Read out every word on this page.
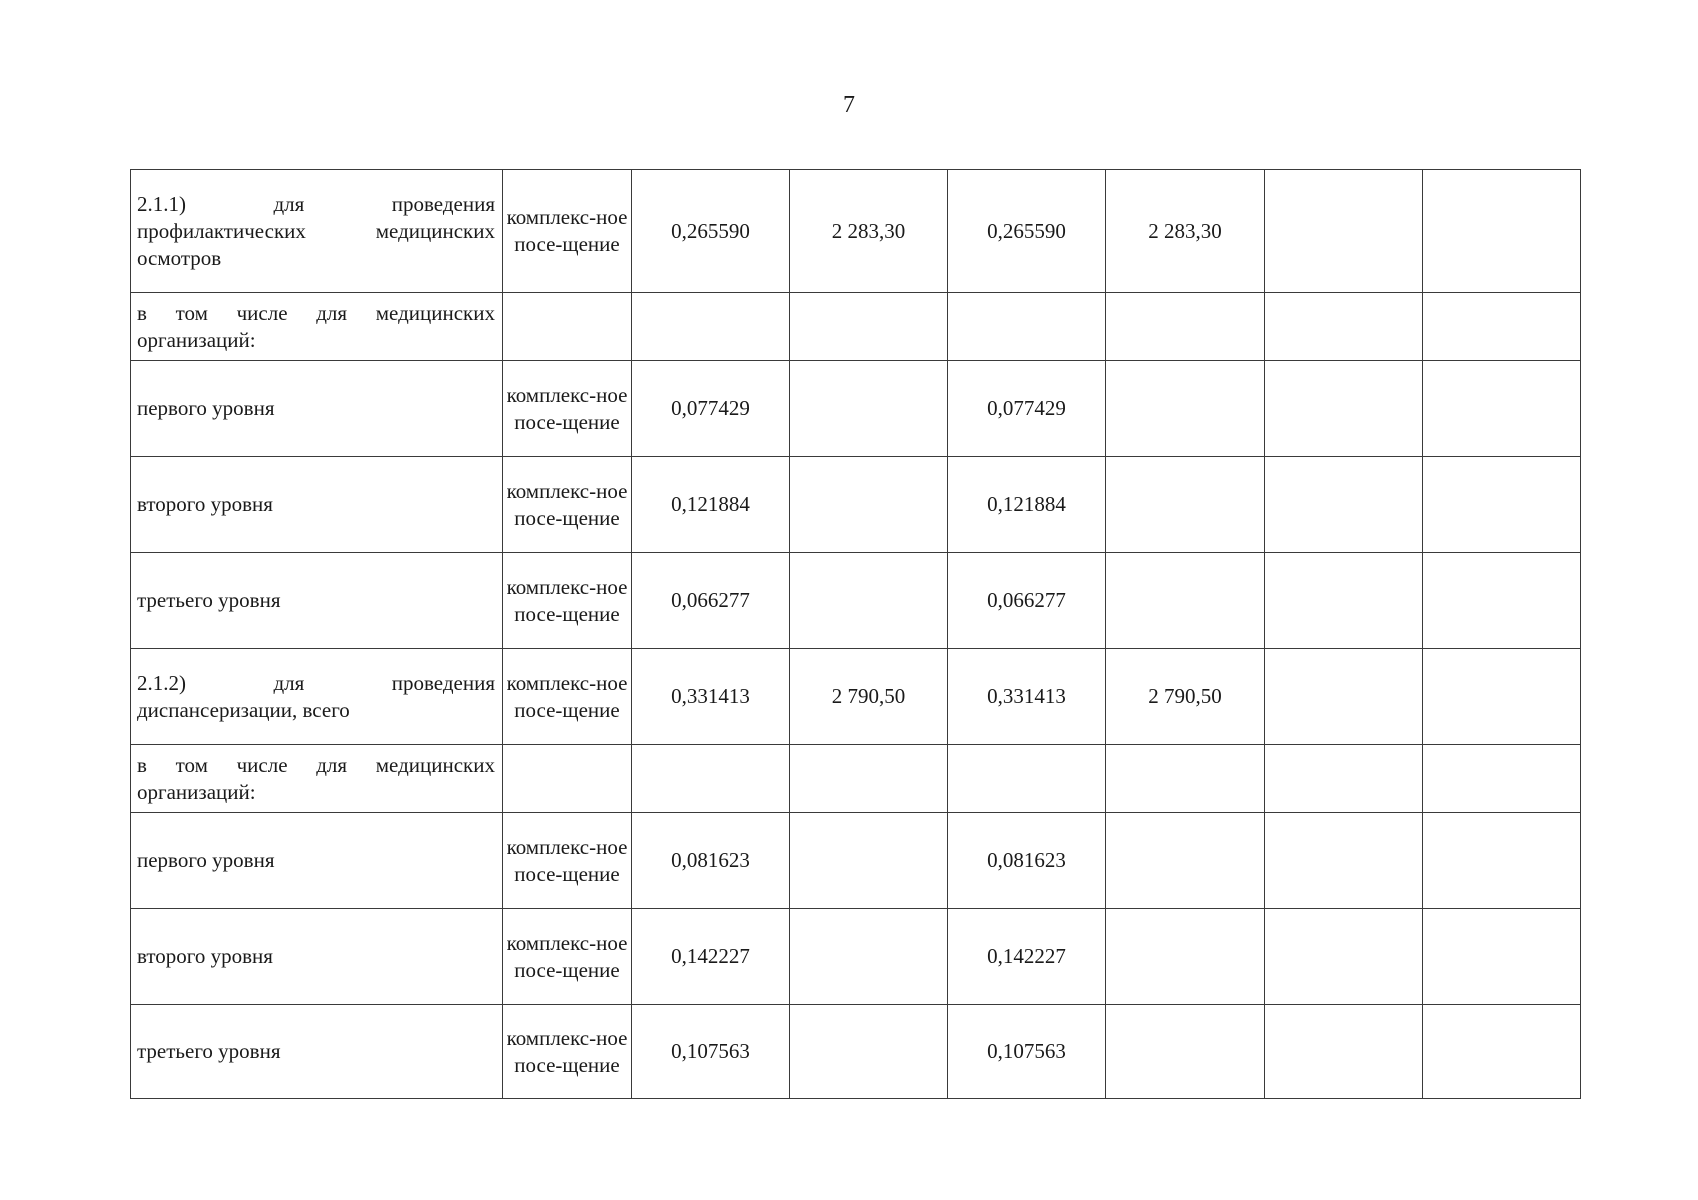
7
2.1.1) для проведения профилактических медицинских осмотров	комплекс-ное посе-щение	0,265590	2 283,30	0,265590	2 283,30		
в том числе для медицинских организаций:							
первого уровня	комплекс-ное посе-щение	0,077429		0,077429			
второго уровня	комплекс-ное посе-щение	0,121884		0,121884			
третьего уровня	комплекс-ное посе-щение	0,066277		0,066277			
2.1.2) для проведения диспансеризации, всего	комплекс-ное посе-щение	0,331413	2 790,50	0,331413	2 790,50		
в том числе для медицинских организаций:							
первого уровня	комплекс-ное посе-щение	0,081623		0,081623			
второго уровня	комплекс-ное посе-щение	0,142227		0,142227			
третьего уровня	комплекс-ное посе-щение	0,107563		0,107563			
